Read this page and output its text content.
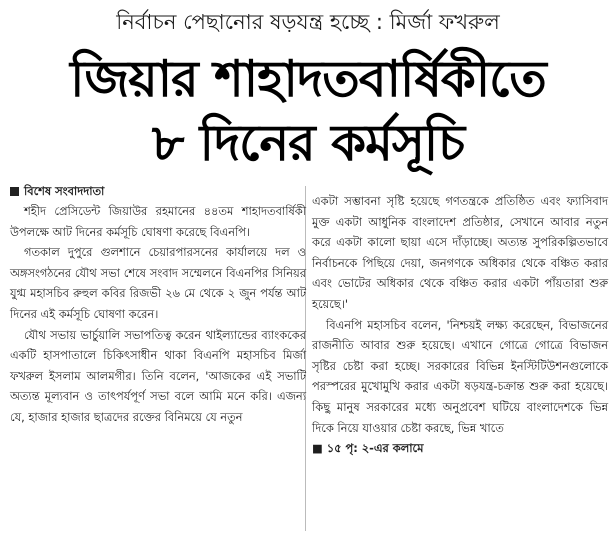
নির্বাচন পেছানোর ষড়যন্ত্র হচ্ছে : মির্জা ফখরুল
জিয়ার শাহাদতবার্ষিকীতে
৮ দিনের কর্মসূচি
বিশেষ সংবাদদাতা

শহীদ প্রেসিডেন্ট জিয়াউর রহমানের ৪৪তম শাহাদতবার্ষিকী উপলক্ষে আট দিনের কর্মসূচি ঘোষণা করেছে বিএনপি।

গতকাল দুপুরে গুলশানে চেয়ারপারসনের কার্যালয়ে দল ও অঙ্গসংগঠনের যৌথ সভা শেষে সংবাদ সম্মেলনে বিএনপির সিনিয়র যুগ্ম মহাসচিব রুহুল কবির রিজভী ২৬ মে থেকে ২ জুন পর্যন্ত আট দিনের এই কর্মসূচি ঘোষণা করেন।

যৌথ সভায় ভার্চুয়ালি সভাপতিত্ব করেন থাইল্যান্ডের ব্যাংককের একটি হাসপাতালে চিকিৎসাধীন থাকা বিএনপি মহাসচিব মির্জা ফখরুল ইসলাম আলমগীর। তিনি বলেন, 'আজকের এই সভাটি অত্যন্ত মূল্যবান ও তাৎপর্যপূর্ণ সভা বলে আমি মনে করি। এজন্য যে, হাজার হাজার ছাত্রদের রক্তের বিনিময়ে যে নতুন

একটা সম্ভাবনা সৃষ্টি হয়েছে গণতন্ত্রকে প্রতিষ্ঠিত এবং ফ্যাসিবাদ মুক্ত একটা আধুনিক বাংলাদেশ প্রতিষ্ঠার, সেখানে আবার নতুন করে একটা কালো ছায়া এসে দাঁড়াচ্ছে। অত্যন্ত সুপরিকল্পিতভাবে নির্বাচনকে পিছিয়ে দেয়া, জনগণকে অধিকার থেকে বঞ্চিত করার এবং ভোটের অধিকার থেকে বঞ্চিত করার একটা পাঁয়তারা শুরু হয়েছে।'

বিএনপি মহাসচিব বলেন, 'নিশ্চয়ই লক্ষ্য করেছেন, বিভাজনের রাজনীতি আবার শুরু হয়েছে। এখানে গোত্রে গোত্রে বিভাজন সৃষ্টির চেষ্টা করা হচ্ছে। সরকারের বিভিন্ন ইনস্টিটিউশনগুলোকে পরস্পরের মুখোমুখি করার একটা ষড়যন্ত্র-চক্রান্ত শুরু করা হয়েছে। কিছু মানুষ সরকারের মধ্যে অনুপ্রবেশ ঘটিয়ে বাংলাদেশকে ভিন্ন দিকে নিয়ে যাওয়ার চেষ্টা করছে, ভিন্ন খাতে

■ ১৫ পৃ: ২-এর কলামে
